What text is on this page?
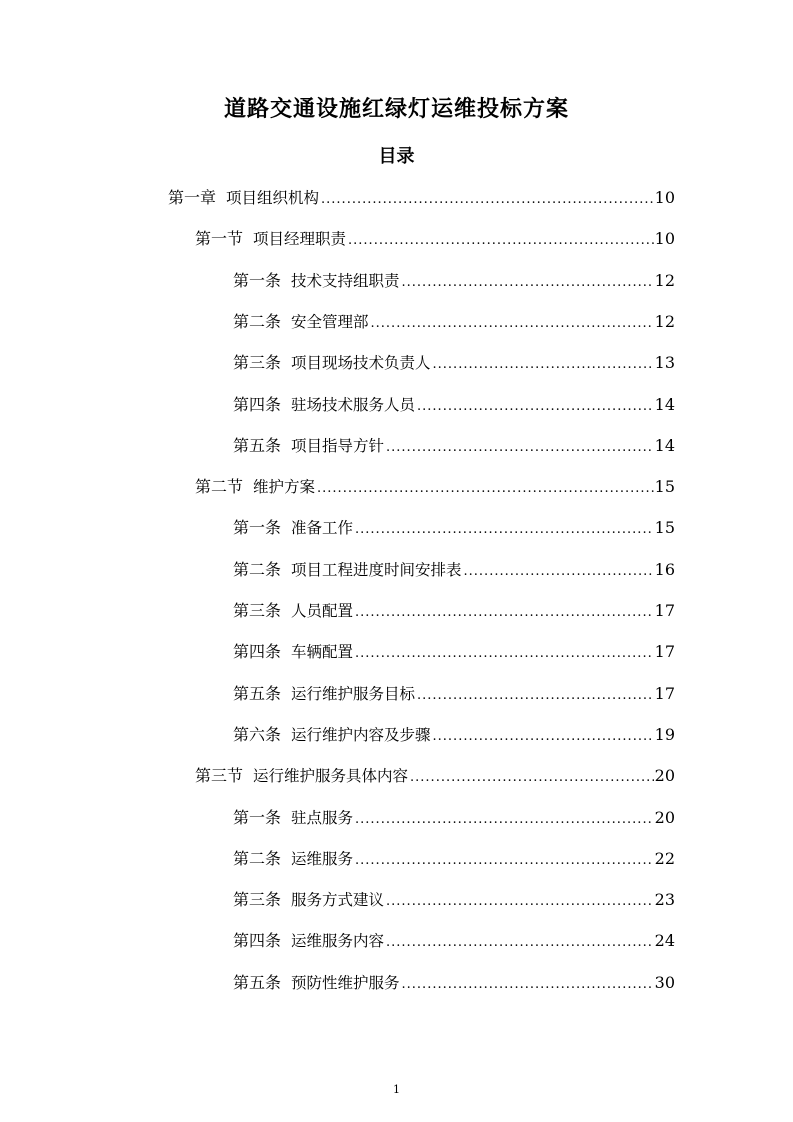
道路交通设施红绿灯运维投标方案
目录
第一章 项目组织机构 .....	10
第一节 项目经理职责 .....	10
第一条 技术支持组职责 .....	12
第二条 安全管理部 .....	12
第三条 项目现场技术负责人 .....	13
第四条 驻场技术服务人员 .....	14
第五条 项目指导方针 .....	14
第二节 维护方案 .....	15
第一条 准备工作 .....	15
第二条 项目工程进度时间安排表 .....	16
第三条 人员配置 .....	17
第四条 车辆配置 .....	17
第五条 运行维护服务目标 .....	17
第六条 运行维护内容及步骤 .....	19
第三节 运行维护服务具体内容 .....	20
第一条 驻点服务 .....	20
第二条 运维服务 .....	22
第三条 服务方式建议 .....	23
第四条 运维服务内容 .....	24
第五条 预防性维护服务 .....	30
1
